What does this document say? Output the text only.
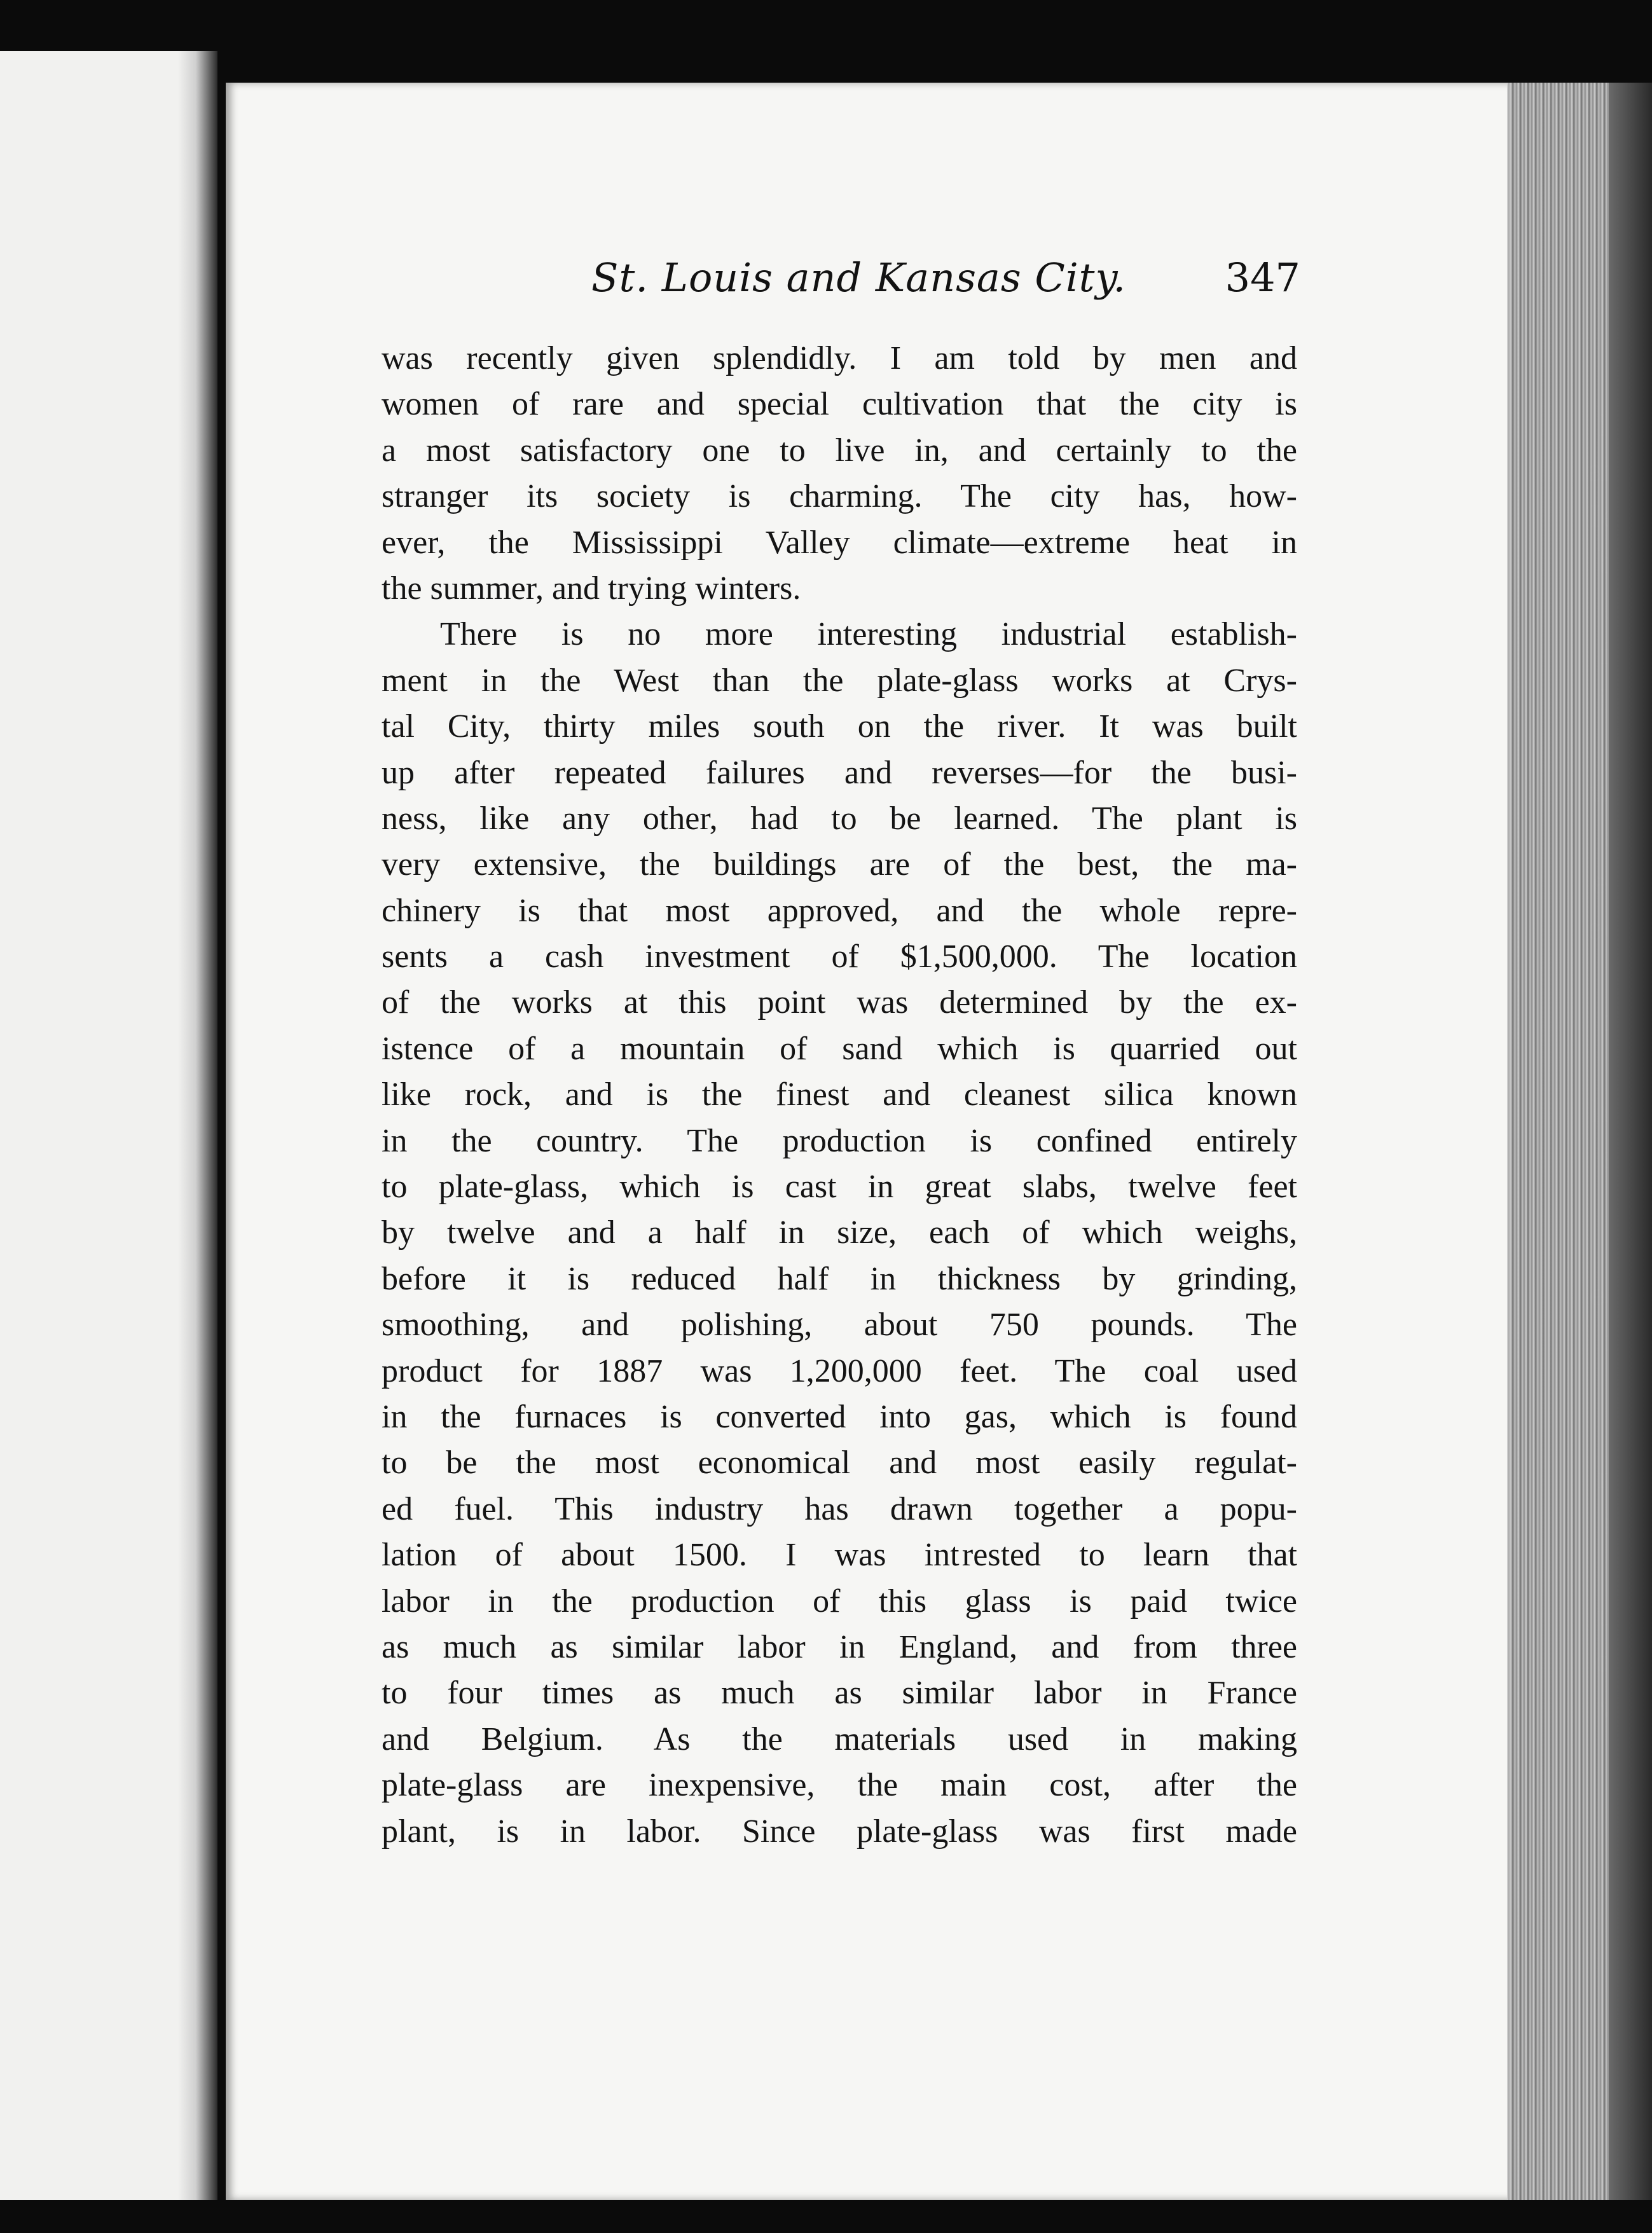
St. Louis and Kansas City.	347
was recently given splendidly. I am told by men and
women of rare and special cultivation that the city is
a most satisfactory one to live in, and certainly to the
stranger its society is charming. The city has, how-
ever, the Mississippi Valley climate—extreme heat in
the summer, and trying winters.
There is no more interesting industrial establish-
ment in the West than the plate-glass works at Crys-
tal City, thirty miles south on the river. It was built
up after repeated failures and reverses—for the busi-
ness, like any other, had to be learned. The plant is
very extensive, the buildings are of the best, the ma-
chinery is that most approved, and the whole repre-
sents a cash investment of $1,500,000. The location
of the works at this point was determined by the ex-
istence of a mountain of sand which is quarried out
like rock, and is the finest and cleanest silica known
in the country. The production is confined entirely
to plate-glass, which is cast in great slabs, twelve feet
by twelve and a half in size, each of which weighs,
before it is reduced half in thickness by grinding,
smoothing, and polishing, about 750 pounds. The
product for 1887 was 1,200,000 feet. The coal used
in the furnaces is converted into gas, which is found
to be the most economical and most easily regulat-
ed fuel. This industry has drawn together a popu-
lation of about 1500. I was int rested to learn that
labor in the production of this glass is paid twice
as much as similar labor in England, and from three
to four times as much as similar labor in France
and Belgium. As the materials used in making
plate-glass are inexpensive, the main cost, after the
plant, is in labor. Since plate-glass was first made
